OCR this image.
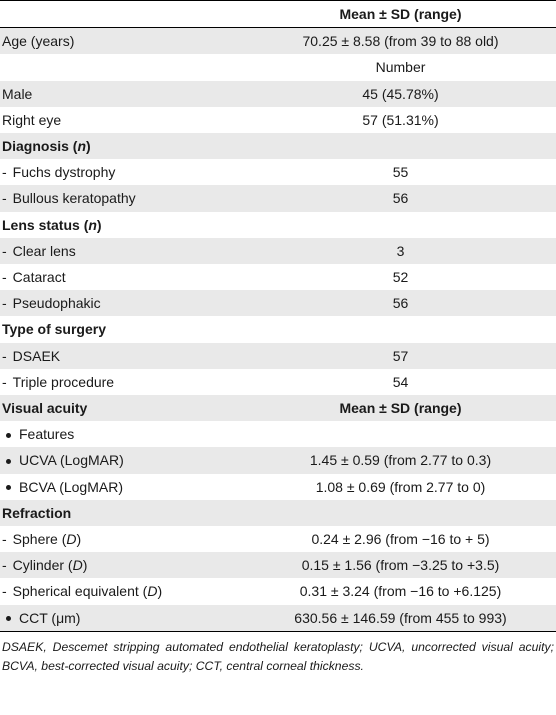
	Mean ± SD (range)
Age (years)	70.25 ± 8.58 (from 39 to 88 old)
	Number
Male	45 (45.78%)
Right eye	57 (51.31%)
Diagnosis (n)	
- Fuchs dystrophy	55
- Bullous keratopathy	56
Lens status (n)	
- Clear lens	3
- Cataract	52
- Pseudophakic	56
Type of surgery	
- DSAEK	57
- Triple procedure	54
Visual acuity	Mean ± SD (range)
Features	
UCVA (LogMAR)	1.45 ± 0.59 (from 2.77 to 0.3)
BCVA (LogMAR)	1.08 ± 0.69 (from 2.77 to 0)
Refraction	
- Sphere (D)	0.24 ± 2.96 (from −16 to + 5)
- Cylinder (D)	0.15 ± 1.56 (from −3.25 to +3.5)
- Spherical equivalent (D)	0.31 ± 3.24 (from −16 to +6.125)
CCT (μm)	630.56 ± 146.59 (from 455 to 993)
DSAEK, Descemet stripping automated endothelial keratoplasty; UCVA, uncorrected visual acuity; BCVA, best-corrected visual acuity; CCT, central corneal thickness.
